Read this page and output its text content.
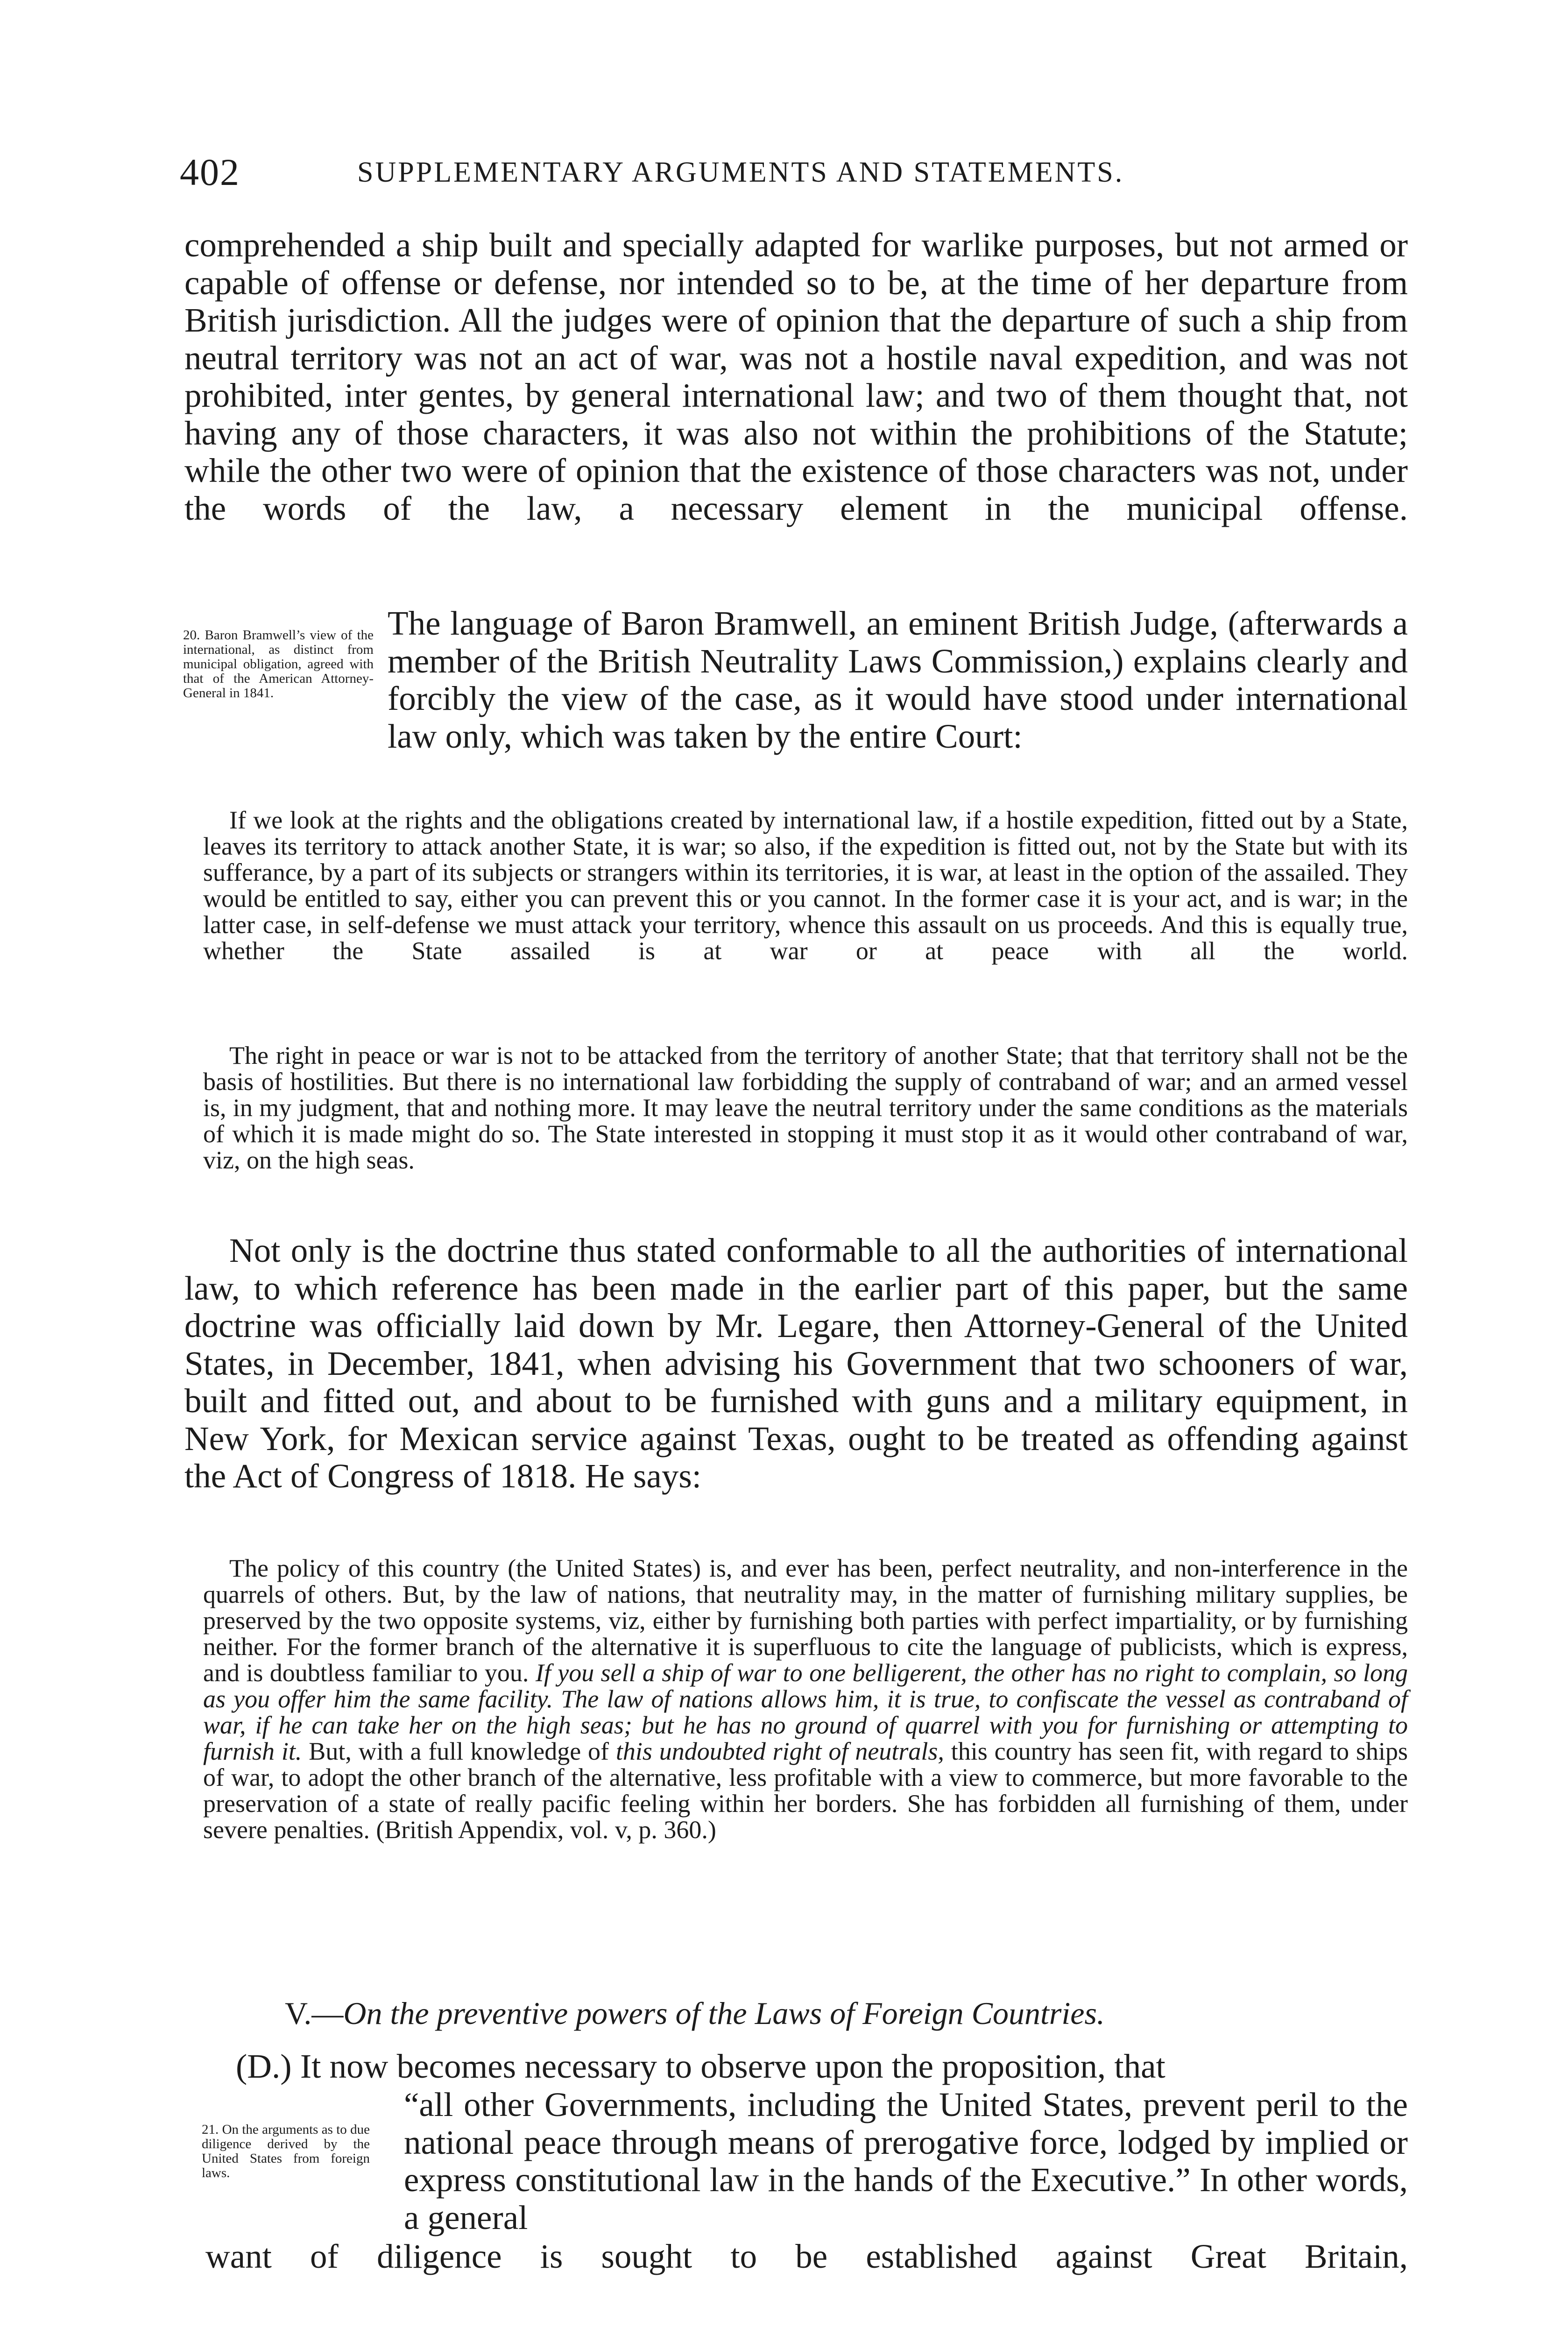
402	SUPPLEMENTARY ARGUMENTS AND STATEMENTS.

comprehended a ship built and specially adapted for warlike purposes, but not armed or capable of offense or defense, nor intended so to be, at the time of her departure from British jurisdiction. All the judges were of opinion that the departure of such a ship from neutral territory was not an act of war, was not a hostile naval expedition, and was not prohibited, inter gentes, by general international law; and two of them thought that, not having any of those characters, it was also not within the prohibitions of the Statute; while the other two were of opinion that the existence of those characters was not, under the words of the law, a necessary element in the municipal offense.

20. Baron Bramwell’s view of the international, as distinct from municipal obligation, agreed with that of the American Attorney-General in 1841.

The language of Baron Bramwell, an eminent British Judge, (afterwards a member of the British Neutrality Laws Commission,) explains clearly and forcibly the view of the case, as it would have stood under international law only, which was taken by the entire Court:

If we look at the rights and the obligations created by international law, if a hostile expedition, fitted out by a State, leaves its territory to attack another State, it is war; so also, if the expedition is fitted out, not by the State but with its sufferance, by a part of its subjects or strangers within its territories, it is war, at least in the option of the assailed. They would be entitled to say, either you can prevent this or you cannot. In the former case it is your act, and is war; in the latter case, in self-defense we must attack your territory, whence this assault on us proceeds. And this is equally true, whether the State assailed is at war or at peace with all the world.

The right in peace or war is not to be attacked from the territory of another State; that that territory shall not be the basis of hostilities. But there is no international law forbidding the supply of contraband of war; and an armed vessel is, in my judgment, that and nothing more. It may leave the neutral territory under the same conditions as the materials of which it is made might do so. The State interested in stopping it must stop it as it would other contraband of war, viz, on the high seas.

Not only is the doctrine thus stated conformable to all the authorities of international law, to which reference has been made in the earlier part of this paper, but the same doctrine was officially laid down by Mr. Legare, then Attorney-General of the United States, in December, 1841, when advising his Government that two schooners of war, built and fitted out, and about to be furnished with guns and a military equipment, in New York, for Mexican service against Texas, ought to be treated as offending against the Act of Congress of 1818. He says:

The policy of this country (the United States) is, and ever has been, perfect neutrality, and non-interference in the quarrels of others. But, by the law of nations, that neutrality may, in the matter of furnishing military supplies, be preserved by the two opposite systems, viz, either by furnishing both parties with perfect impartiality, or by furnishing neither. For the former branch of the alternative it is superfluous to cite the language of publicists, which is express, and is doubtless familiar to you. If you sell a ship of war to one belligerent, the other has no right to complain, so long as you offer him the same facility. The law of nations allows him, it is true, to confiscate the vessel as contraband of war, if he can take her on the high seas; but he has no ground of quarrel with you for furnishing or attempting to furnish it. But, with a full knowledge of this undoubted right of neutrals, this country has seen fit, with regard to ships of war, to adopt the other branch of the alternative, less profitable with a view to commerce, but more favorable to the preservation of a state of really pacific feeling within her borders. She has forbidden all furnishing of them, under severe penalties. (British Appendix, vol. v, p. 360.)

V.—On the preventive powers of the Laws of Foreign Countries.

(D.) It now becomes necessary to observe upon the proposition, that

21. On the arguments as to due diligence derived by the United States from foreign laws.

“all other Governments, including the United States, prevent peril to the national peace through means of prerogative force, lodged by implied or express constitutional law in the hands of the Executive.” In other words, a general

want of diligence is sought to be established against Great Britain,
